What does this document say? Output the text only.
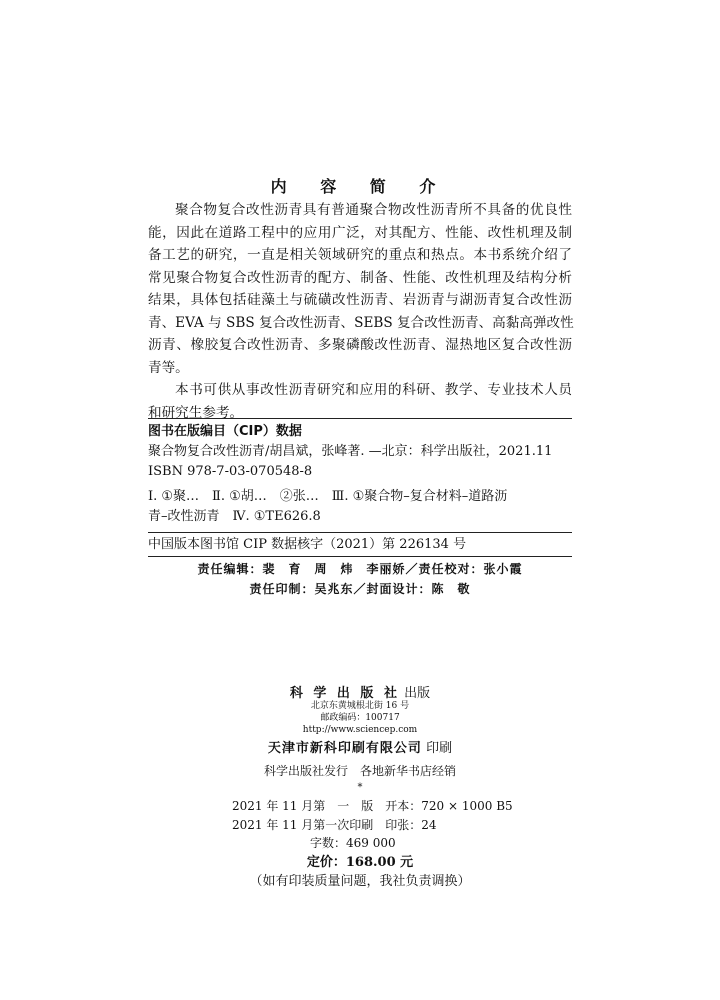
内 容 简 介
聚合物复合改性沥青具有普通聚合物改性沥青所不具备的优良性
能，因此在道路工程中的应用广泛，对其配方、性能、改性机理及制
备工艺的研究，一直是相关领域研究的重点和热点。本书系统介绍了
常见聚合物复合改性沥青的配方、制备、性能、改性机理及结构分析
结果，具体包括硅藻土与硫磺改性沥青、岩沥青与湖沥青复合改性沥
青、EVA 与 SBS 复合改性沥青、SEBS 复合改性沥青、高黏高弹改性
沥青、橡胶复合改性沥青、多聚磷酸改性沥青、湿热地区复合改性沥
青等。
本书可供从事改性沥青研究和应用的科研、教学、专业技术人员
和研究生参考。
图书在版编目（CIP）数据
聚合物复合改性沥青/胡昌斌，张峰著. —北京：科学出版社，2021.11
ISBN 978-7-03-070548-8
Ⅰ. ①聚…　Ⅱ. ①胡…　②张…　Ⅲ. ①聚合物–复合材料–道路沥
青–改性沥青　Ⅳ. ①TE626.8
中国版本图书馆 CIP 数据核字（2021）第 226134 号
责任编辑：裴　育　周　炜　李丽娇／责任校对：张小霞
责任印制：吴兆东／封面设计：陈　敬
科 学 出 版 社 出版
北京东黄城根北街 16 号
邮政编码：100717
http://www.sciencep.com
天津市新科印刷有限公司 印刷
科学出版社发行　各地新华书店经销
*
2021 年 11 月第　一　版　开本：720 × 1000 B5
2021 年 11 月第一次印刷　印张：24
字数：469 000
定价：168.00 元
（如有印装质量问题，我社负责调换）
